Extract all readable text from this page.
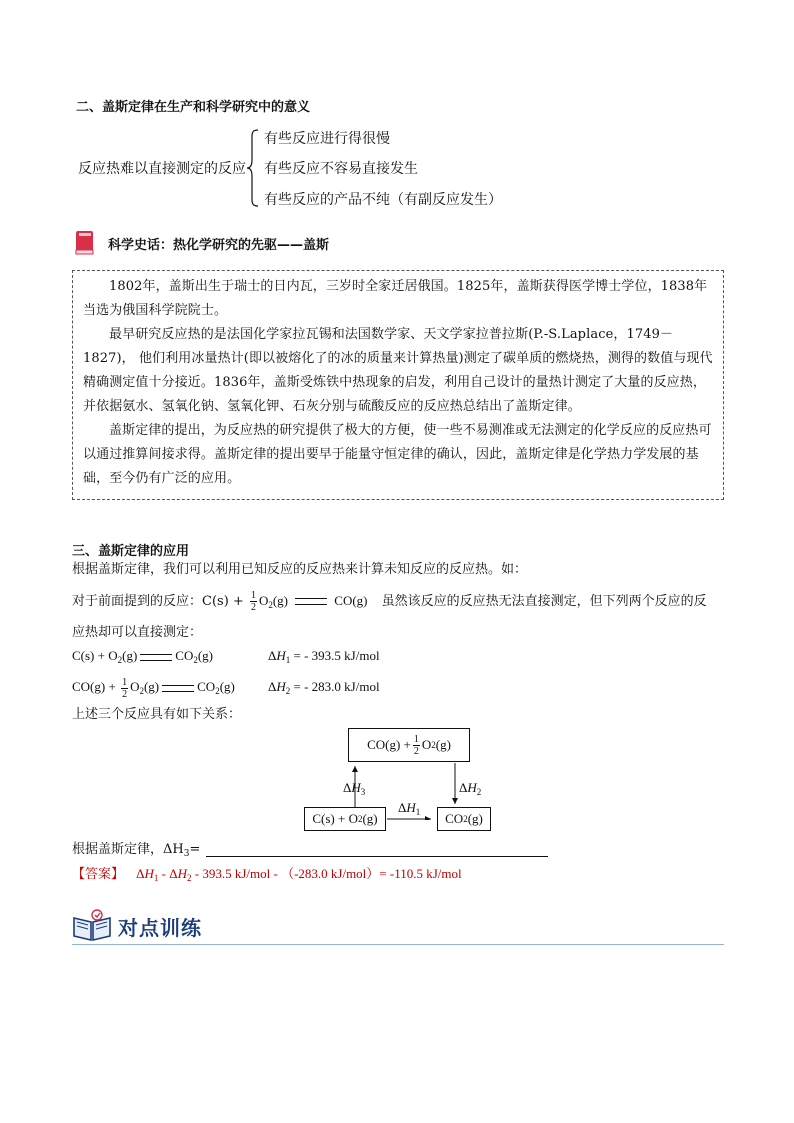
二、盖斯定律在生产和科学研究中的意义
反应热难以直接测定的反应
有些反应进行得很慢
有些反应不容易直接发生
有些反应的产品不纯（有副反应发生）
科学史话：热化学研究的先驱——盖斯

1802年，盖斯出生于瑞士的日内瓦，三岁时全家迁居俄国。1825年，盖斯获得医学博士学位，1838年当选为俄国科学院院士。

最早研究反应热的是法国化学家拉瓦锡和法国数学家、天文学家拉普拉斯(P.-S.Laplace，1749－1827)， 他们利用冰量热计(即以被熔化了的冰的质量来计算热量)测定了碳单质的燃烧热，测得的数值与现代精确测定值十分接近。1836年，盖斯受炼铁中热现象的启发，利用自己设计的量热计测定了大量的反应热，并依据氨水、氢氧化钠、氢氧化钾、石灰分别与硫酸反应的反应热总结出了盖斯定律。

盖斯定律的提出，为反应热的研究提供了极大的方便，使一些不易测准或无法测定的化学反应的反应热可以通过推算间接求得。盖斯定律的提出要早于能量守恒定律的确认，因此，盖斯定律是化学热力学发展的基础，至今仍有广泛的应用。

三、盖斯定律的应用
根据盖斯定律，我们可以利用已知反应的反应热来计算未知反应的反应热。如：
对于前面提到的反应：$C(s) + \frac{1}{2} O_2(g)$	CO(g) 虽然该反应的反应热无法直接测定，但下列两个反应的反
应热却可以直接测定：
$C(s) + O_2(g)$	$CO_2(g)$	$\Delta H_1$ = - 393.5 kJ/mol
$CO(g) + \frac{1}{2} O_2(g)$	$CO_2(g)$	$\Delta H_2$ = - 283.0 kJ/mol
上述三个反应具有如下关系：
$CO(g) + \frac{1}{2}$ O 2 (g)
C(s) + O 2 (g)	CO 2 (g)
$\Delta H_3$	$\Delta H_2$
$\Delta H_1$
根据盖斯定律，$\Delta H_3=$
【答案】 $\Delta H_1 - \Delta H_2 - 393.5$ kJ/mol - （-283.0 kJ/mol）= -110.5 kJ/mol
对点训练
